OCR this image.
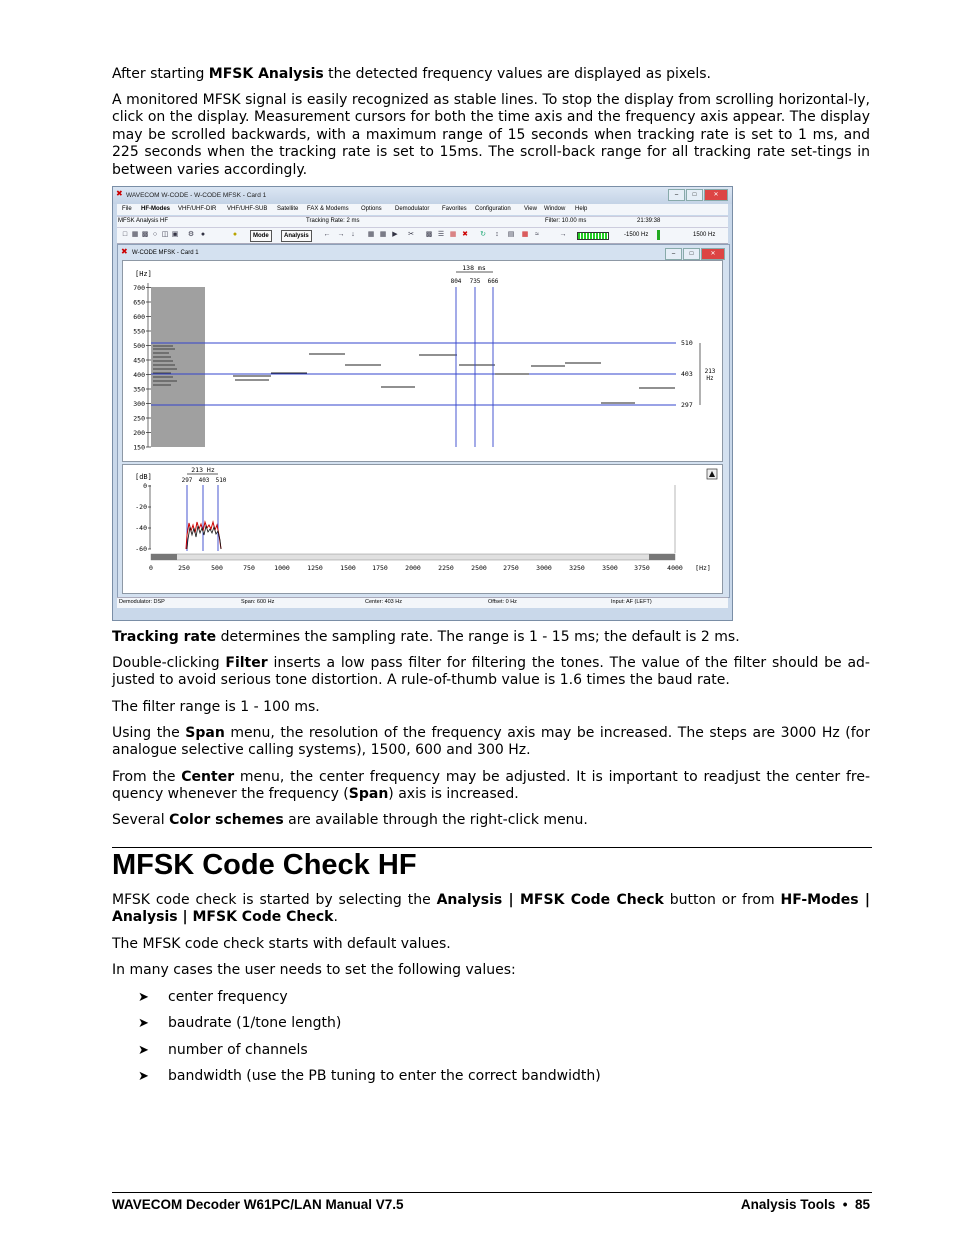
After starting MFSK Analysis the detected frequency values are displayed as pixels.

A monitored MFSK signal is easily recognized as stable lines. To stop the display from scrolling horizontal-ly, click on the display. Measurement cursors for both the time axis and the frequency axis appear. The display may be scrolled backwards, with a maximum range of 15 seconds when tracking rate is set to 1 ms, and 225 seconds when the tracking rate is set to 15ms. The scroll-back range for all tracking rate set-tings in between varies accordingly.

Tracking rate determines the sampling rate. The range is 1 - 15 ms; the default is 2 ms.

Double-clicking Filter inserts a low pass filter for filtering the tones. The value of the filter should be ad-justed to avoid serious tone distortion. A rule-of-thumb value is 1.6 times the baud rate.

The filter range is 1 - 100 ms.

Using the Span menu, the resolution of the frequency axis may be increased. The steps are 3000 Hz (for analogue selective calling systems), 1500, 600 and 300 Hz.

From the Center menu, the center frequency may be adjusted. It is important to readjust the center fre-quency whenever the frequency (Span) axis is increased.

Several Color schemes are available through the right-click menu.

MFSK Code Check HF

MFSK code check is started by selecting the Analysis | MFSK Code Check button or from HF-Modes | Analysis | MFSK Code Check.

The MFSK code check starts with default values.

In many cases the user needs to set the following values:

➤ center frequency
➤ baudrate (1/tone length)
➤ number of channels
➤ bandwidth (use the PB tuning to enter the correct bandwidth)
✖ WAVECOM W-CODE - W-CODE MFSK - Card 1	–	□	✕
File HF-Modes VHF/UHF-DIR VHF/UHF-SUB Satellite FAX & Modems Options Demodulator Favorites Configuration View Window Help
MFSK Analysis HF	Tracking Rate: 2 ms	Filter: 10.00 ms	21:39:38
□ ▦ ▩ ○ ◫ ▣ ⚙ ●	●	Mode	Analysis	← → ↓	▦ ▦ ▶ ✂ ▩ ☰ ▦ ✖ ↻	↕	▤ ▦ ≈	→	-1500 Hz	1500 Hz
✖ W-CODE MFSK - Card 1	–	□	✕
[Hz]
700
650
600
550
500
450
400
350
300
250
200
150
138 ms
804 735 666
510
403
297
213
Hz
[dB]
0
-20
-40
-60
213 Hz
297 403 510
0	250	500	750	1000	1250	1500	1750	2000	2250	2500	2750	3000	3250	3500	3750	4000 [Hz]
Demodulator: DSP	Span: 600 Hz	Center: 403 Hz	Offset: 0 Hz	Input: AF (LEFT)
WAVECOM Decoder W61PC/LAN Manual V7.5	Analysis Tools • 85
